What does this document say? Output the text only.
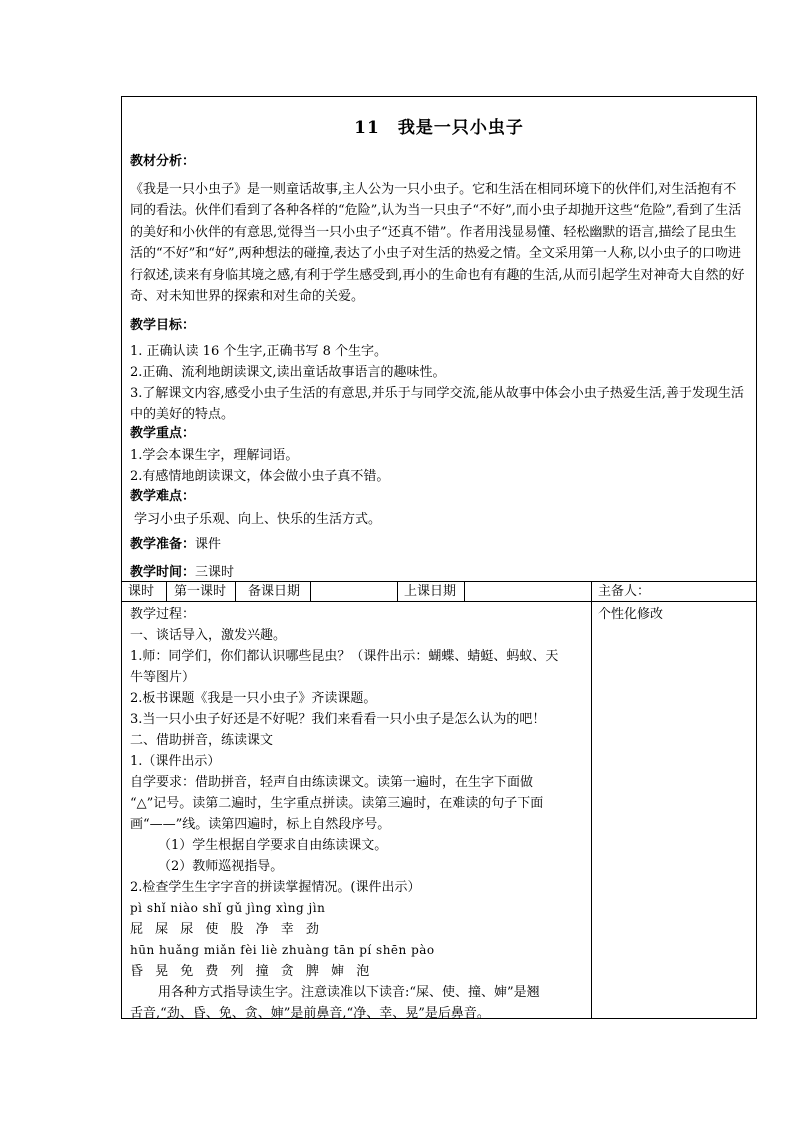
11 我是一只小虫子
教材分析：
《我是一只小虫子》是一则童话故事,主人公为一只小虫子。它和生活在相同环境下的伙伴们,对生活抱有不同的看法。伙伴们看到了各种各样的“危险”,认为当一只虫子“不好”,而小虫子却抛开这些“危险”,看到了生活的美好和小伙伴的有意思,觉得当一只小虫子“还真不错”。作者用浅显易懂、轻松幽默的语言,描绘了昆虫生活的“不好”和“好”,两种想法的碰撞,表达了小虫子对生活的热爱之情。全文采用第一人称,以小虫子的口吻进行叙述,读来有身临其境之感,有利于学生感受到,再小的生命也有有趣的生活,从而引起学生对神奇大自然的好奇、对未知世界的探索和对生命的关爱。
教学目标：
1. 正确认读 16 个生字,正确书写 8 个生字。
2.正确、流利地朗读课文,读出童话故事语言的趣味性。
3.了解课文内容,感受小虫子生活的有意思,并乐于与同学交流,能从故事中体会小虫子热爱生活,善于发现生活中的美好的特点。
教学重点：
1.学会本课生字，理解词语。
2.有感情地朗读课文，体会做小虫子真不错。
教学难点：
学习小虫子乐观、向上、快乐的生活方式。
教学准备：课件
教学时间：三课时
课时 第一课时 备课日期	上课日期	主备人：
个性化修改
教学过程：
一、谈话导入，激发兴趣。
1.师：同学们，你们都认识哪些昆虫？（课件出示：蝴蝶、蜻蜓、蚂蚁、天
牛等图片）
2.板书课题《我是一只小虫子》齐读课题。
3.当一只小虫子好还是不好呢？我们来看看一只小虫子是怎么认为的吧！
二、借助拼音，练读课文
1.（课件出示）
自学要求：借助拼音，轻声自由练读课文。读第一遍时，在生字下面做
“△”记号。读第二遍时，生字重点拼读。读第三遍时，在难读的句子下面
画“——”线。读第四遍时，标上自然段序号。
（1）学生根据自学要求自由练读课文。
（2）教师巡视指导。
2.检查学生生字字音的拼读掌握情况。(课件出示）
pì shǐ niào shǐ gǔ jìng xìng jìn
屁 屎 尿 使 股 净 幸 劲
hūn huǎng miǎn fèi liè zhuàng tān pí shēn pào
昏 晃 免 费 列 撞 贪 脾 婶 泡
用各种方式指导读生字。注意读准以下读音:“屎、使、撞、婶”是翘
舌音,“劲、昏、免、贪、婶”是前鼻音,“净、幸、晃”是后鼻音。
